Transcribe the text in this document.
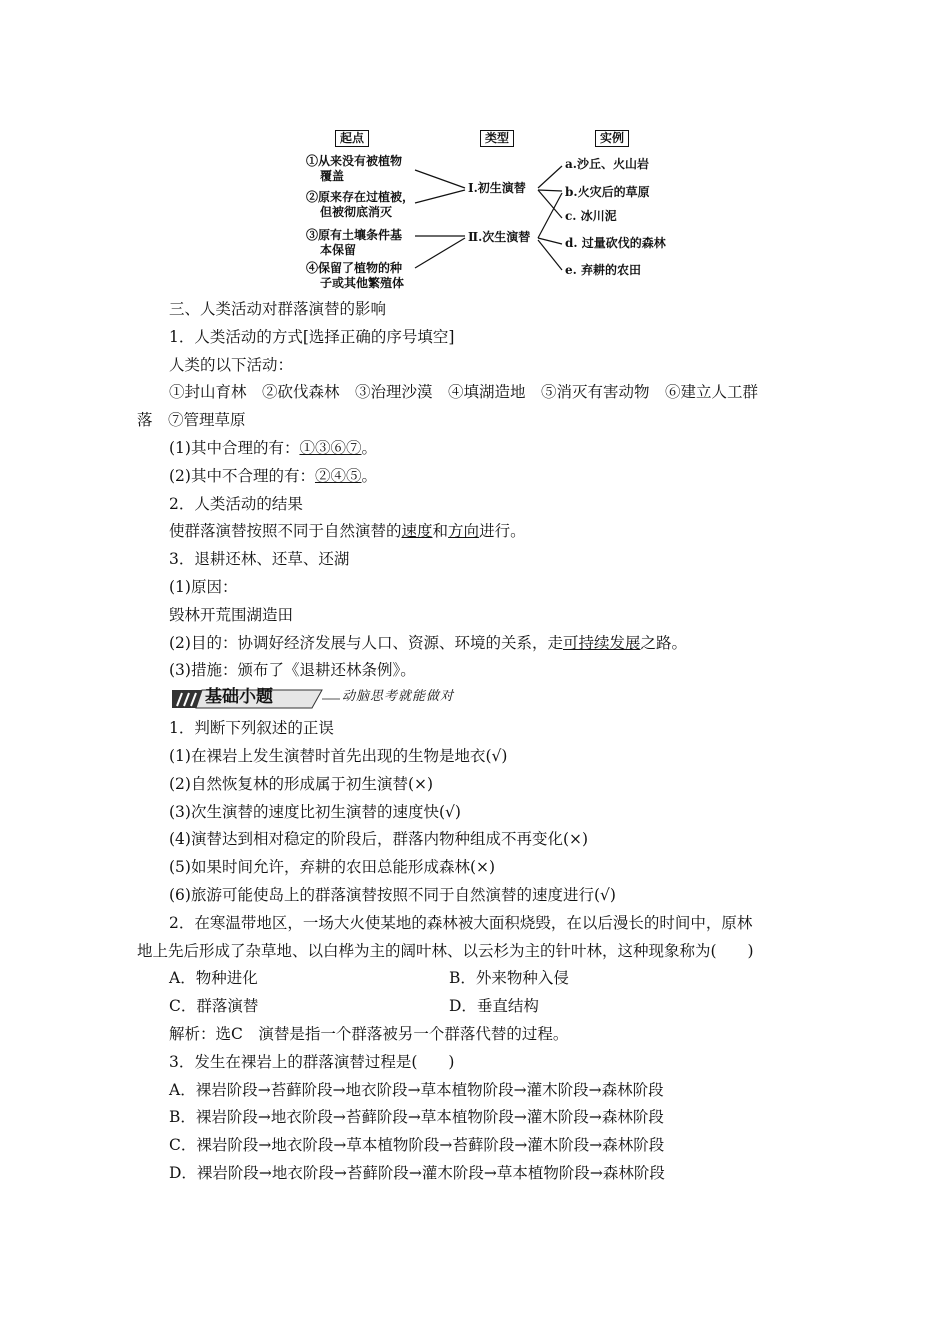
起点	类型	实例
①从来没有被植物
覆盖
②原来存在过植被，
但被彻底消灭
③原有土壤条件基
本保留
④保留了植物的种
子或其他繁殖体
Ⅰ.初生演替
Ⅱ.次生演替
a.沙丘、火山岩
b.火灾后的草原
c. 冰川泥
d. 过量砍伐的森林
e. 弃耕的农田
三、人类活动对群落演替的影响
1．人类活动的方式[选择正确的序号填空]
人类的以下活动：
①封山育林　②砍伐森林　③治理沙漠　④填湖造地　⑤消灭有害动物　⑥建立人工群
落　⑦管理草原
(1)其中合理的有：①③⑥⑦。
(2)其中不合理的有：②④⑤。
2．人类活动的结果
使群落演替按照不同于自然演替的速度和方向进行。
3．退耕还林、还草、还湖
(1)原因：
毁林开荒围湖造田
(2)目的：协调好经济发展与人口、资源、环境的关系，走可持续发展之路。
(3)措施：颁布了《退耕还林条例》。
基础小题	动脑思考就能做对
1．判断下列叙述的正误
(1)在裸岩上发生演替时首先出现的生物是地衣(√)
(2)自然恢复林的形成属于初生演替(×)
(3)次生演替的速度比初生演替的速度快(√)
(4)演替达到相对稳定的阶段后，群落内物种组成不再变化(×)
(5)如果时间允许，弃耕的农田总能形成森林(×)
(6)旅游可能使岛上的群落演替按照不同于自然演替的速度进行(√)
2．在寒温带地区，一场大火使某地的森林被大面积烧毁，在以后漫长的时间中，原林
地上先后形成了杂草地、以白桦为主的阔叶林、以云杉为主的针叶林，这种现象称为(　　)
A．物种进化	B．外来物种入侵
C．群落演替	D．垂直结构
解析：选C　演替是指一个群落被另一个群落代替的过程。
3．发生在裸岩上的群落演替过程是(　　)
A．裸岩阶段→苔藓阶段→地衣阶段→草本植物阶段→灌木阶段→森林阶段
B．裸岩阶段→地衣阶段→苔藓阶段→草本植物阶段→灌木阶段→森林阶段
C．裸岩阶段→地衣阶段→草本植物阶段→苔藓阶段→灌木阶段→森林阶段
D．裸岩阶段→地衣阶段→苔藓阶段→灌木阶段→草本植物阶段→森林阶段
